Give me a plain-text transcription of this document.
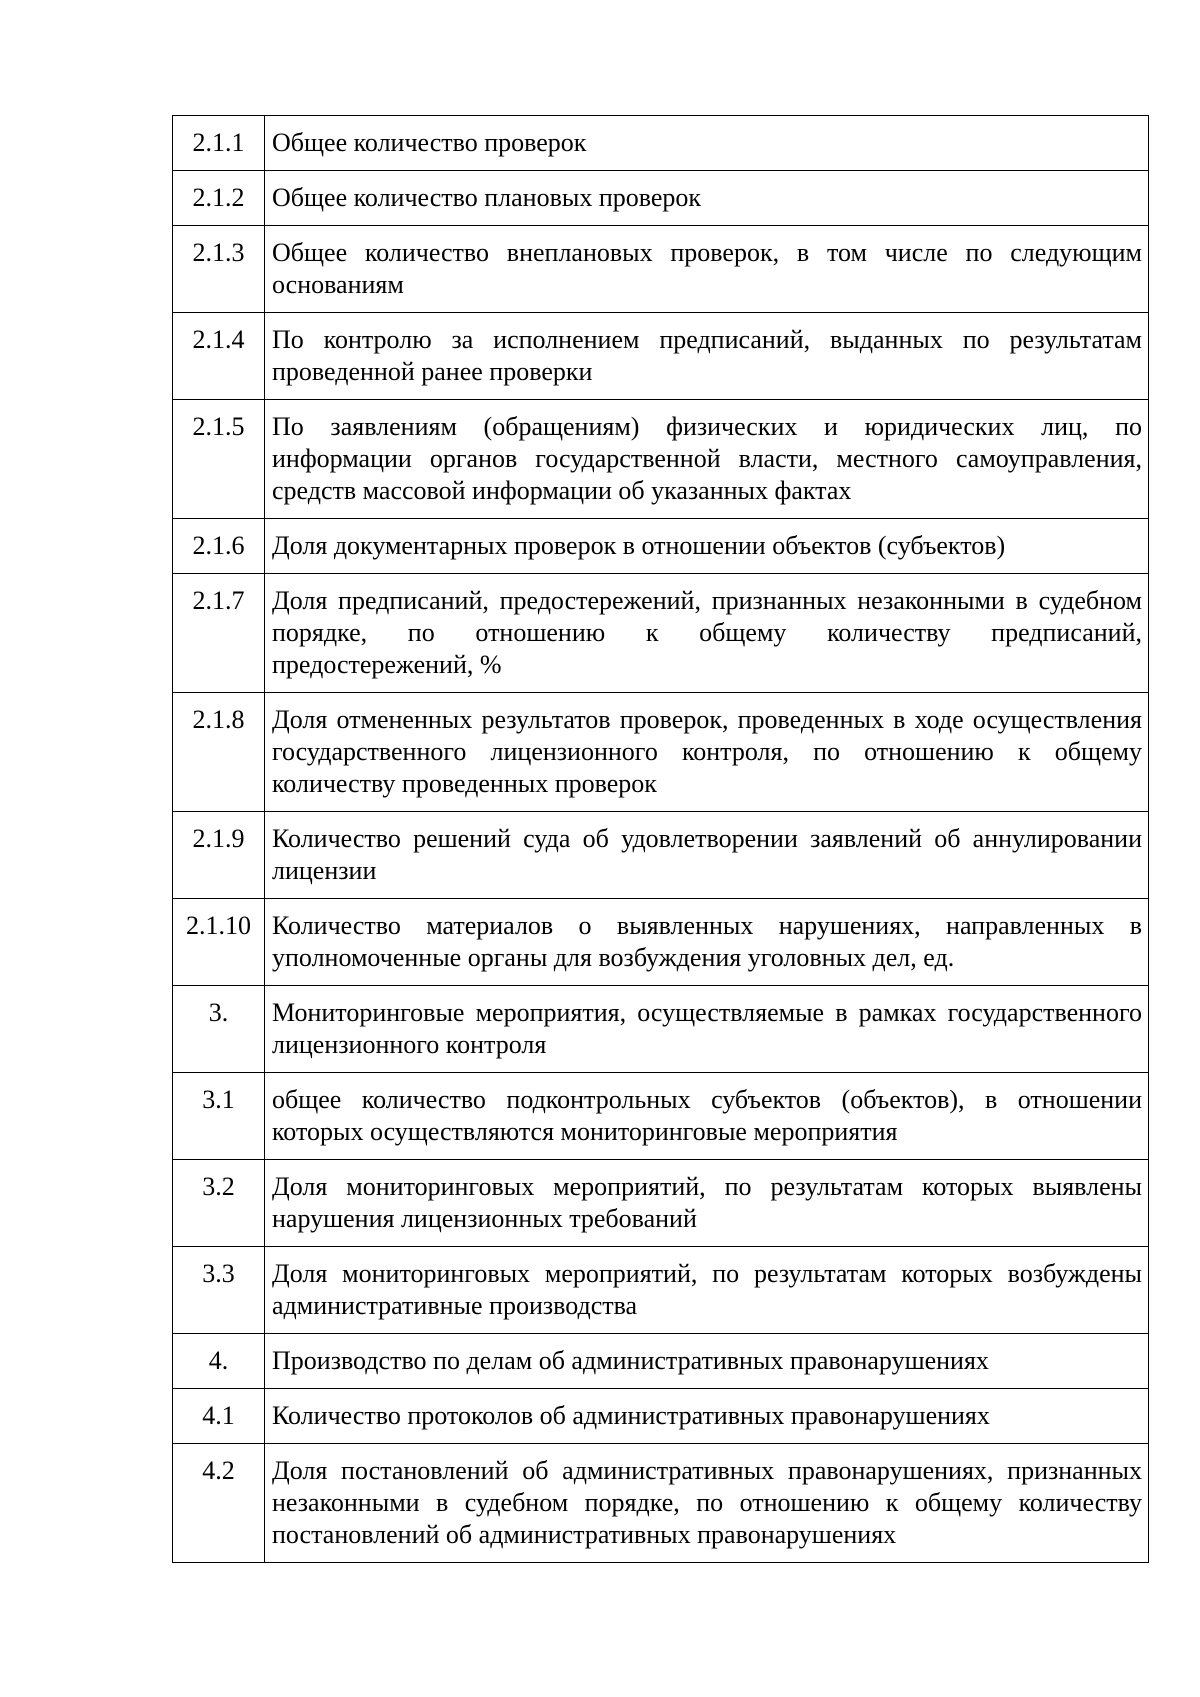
2.1.1	Общее количество проверок
2.1.2	Общее количество плановых проверок
2.1.3	Общее количество внеплановых проверок, в том числе по следующим основаниям
2.1.4	По контролю за исполнением предписаний, выданных по результатам проведенной ранее проверки
2.1.5	По заявлениям (обращениям) физических и юридических лиц, по информации органов государственной власти, местного самоуправления, средств массовой информации об указанных фактах
2.1.6	Доля документарных проверок в отношении объектов (субъектов)
2.1.7	Доля предписаний, предостережений, признанных незаконными в судебном порядке, по отношению к общему количеству предписаний, предостережений, %
2.1.8	Доля отмененных результатов проверок, проведенных в ходе осуществления государственного лицензионного контроля, по отношению к общему количеству проведенных проверок
2.1.9	Количество решений суда об удовлетворении заявлений об аннулировании лицензии
2.1.10	Количество материалов о выявленных нарушениях, направленных в уполномоченные органы для возбуждения уголовных дел, ед.
3.	Мониторинговые мероприятия, осуществляемые в рамках государственного лицензионного контроля
3.1	общее количество подконтрольных субъектов (объектов), в отношении которых осуществляются мониторинговые мероприятия
3.2	Доля мониторинговых мероприятий, по результатам которых выявлены нарушения лицензионных требований
3.3	Доля мониторинговых мероприятий, по результатам которых возбуждены административные производства
4.	Производство по делам об административных правонарушениях
4.1	Количество протоколов об административных правонарушениях
4.2	Доля постановлений об административных правонарушениях, признанных незаконными в судебном порядке, по отношению к общему количеству постановлений об административных правонарушениях
